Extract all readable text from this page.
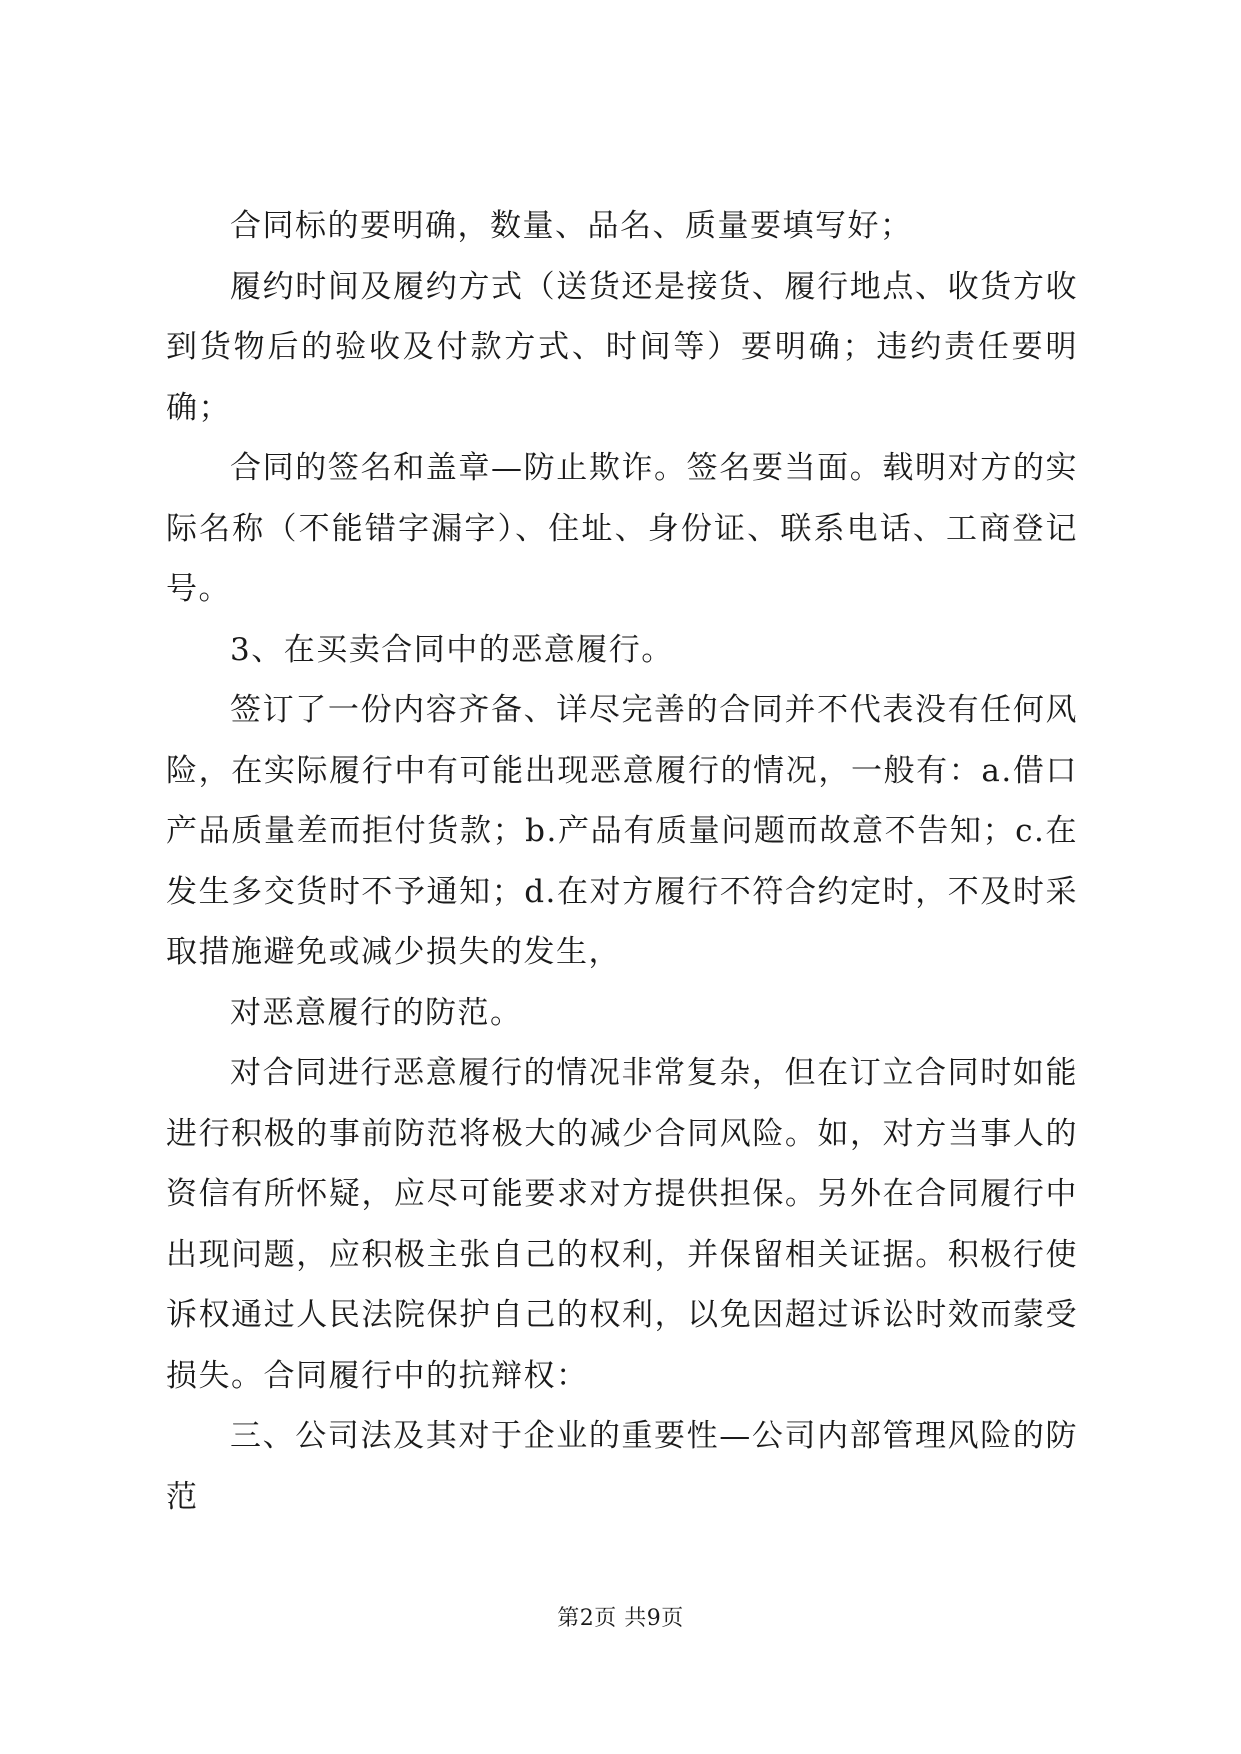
合同标的要明确，数量、品名、质量要填写好；

履约时间及履约方式（送货还是接货、履行地点、收货方收到货物后的验收及付款方式、时间等）要明确；违约责任要明确；

合同的签名和盖章—防止欺诈。签名要当面。载明对方的实际名称（不能错字漏字）、住址、身份证、联系电话、工商登记号。

3、在买卖合同中的恶意履行。

签订了一份内容齐备、详尽完善的合同并不代表没有任何风险，在实际履行中有可能出现恶意履行的情况，一般有：a.借口产品质量差而拒付货款；b.产品有质量问题而故意不告知；c.在发生多交货时不予通知；d.在对方履行不符合约定时，不及时采取措施避免或减少损失的发生，

对恶意履行的防范。

对合同进行恶意履行的情况非常复杂，但在订立合同时如能进行积极的事前防范将极大的减少合同风险。如，对方当事人的资信有所怀疑，应尽可能要求对方提供担保。另外在合同履行中出现问题，应积极主张自己的权利，并保留相关证据。积极行使诉权通过人民法院保护自己的权利，以免因超过诉讼时效而蒙受损失。合同履行中的抗辩权：

三、公司法及其对于企业的重要性—公司内部管理风险的防范

第2页 共9页
